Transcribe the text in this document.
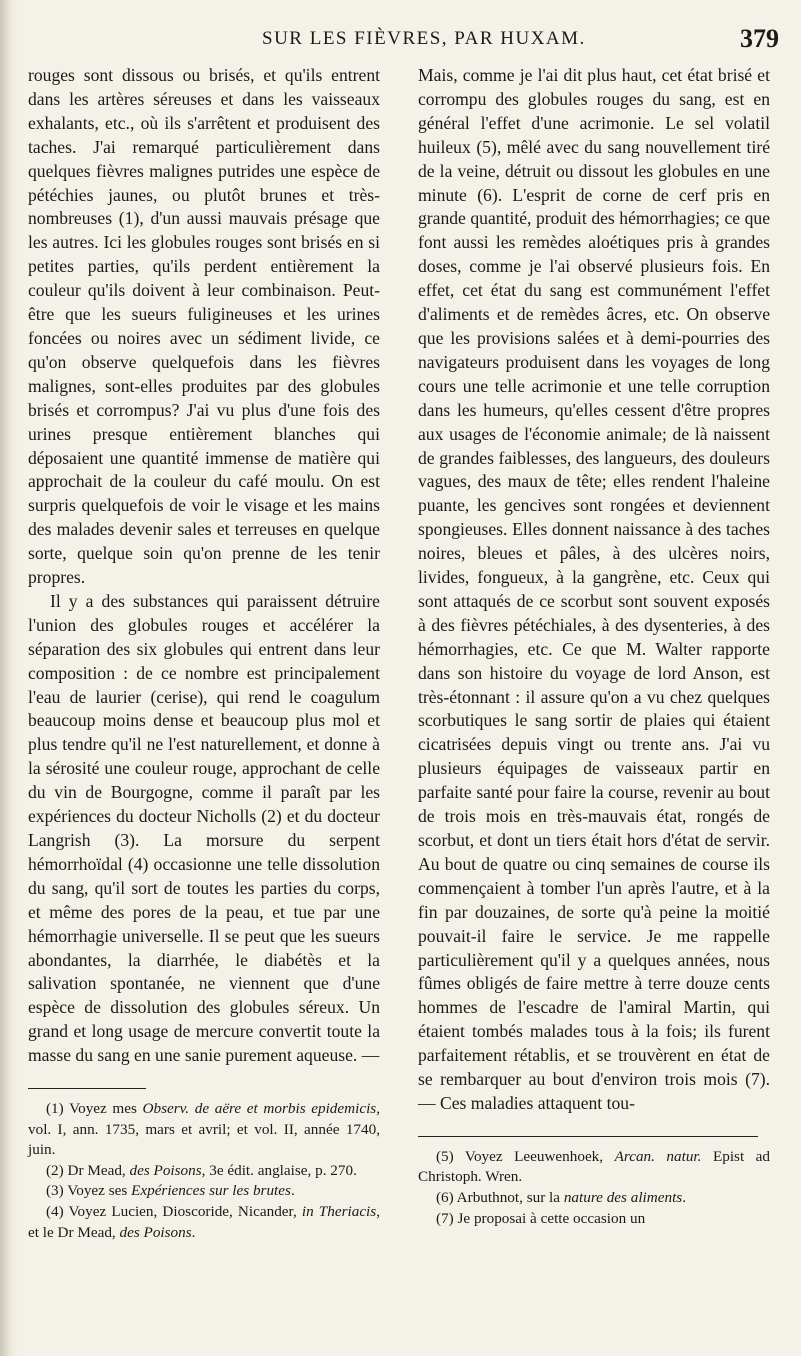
SUR LES FIÈVRES, PAR HUXAM.	379

rouges sont dissous ou brisés, et qu'ils entrent dans les artères séreuses et dans les vaisseaux exhalants, etc., où ils s'arrêtent et produisent des taches. J'ai remarqué particulièrement dans quelques fièvres malignes putrides une espèce de pétéchies jaunes, ou plutôt brunes et très-nombreuses (1), d'un aussi mauvais présage que les autres. Ici les globules rouges sont brisés en si petites parties, qu'ils perdent entièrement la couleur qu'ils doivent à leur combinaison. Peut-être que les sueurs fuligineuses et les urines foncées ou noires avec un sédiment livide, ce qu'on observe quelquefois dans les fièvres malignes, sont-elles produites par des globules brisés et corrompus? J'ai vu plus d'une fois des urines presque entièrement blanches qui déposaient une quantité immense de matière qui approchait de la couleur du café moulu. On est surpris quelquefois de voir le visage et les mains des malades devenir sales et terreuses en quelque sorte, quelque soin qu'on prenne de les tenir propres.

Il y a des substances qui paraissent détruire l'union des globules rouges et accélérer la séparation des six globules qui entrent dans leur composition : de ce nombre est principalement l'eau de laurier (cerise), qui rend le coagulum beaucoup moins dense et beaucoup plus mol et plus tendre qu'il ne l'est naturellement, et donne à la sérosité une couleur rouge, approchant de celle du vin de Bourgogne, comme il paraît par les expériences du docteur Nicholls (2) et du docteur Langrish (3). La morsure du serpent hémorrhoïdal (4) occasionne une telle dissolution du sang, qu'il sort de toutes les parties du corps, et même des pores de la peau, et tue par une hémorrhagie universelle. Il se peut que les sueurs abondantes, la diarrhée, le diabétès et la salivation spontanée, ne viennent que d'une espèce de dissolution des globules séreux. Un grand et long usage de mercure convertit toute la masse du sang en une sanie purement aqueuse. —

(1) Voyez mes Observ. de aëre et morbis epidemicis, vol. I, ann. 1735, mars et avril; et vol. II, année 1740, juin.

(2) Dr Mead, des Poisons, 3e édit. anglaise, p. 270.

(3) Voyez ses Expériences sur les brutes.

(4) Voyez Lucien, Dioscoride, Nicander, in Theriacis, et le Dr Mead, des Poisons.

Mais, comme je l'ai dit plus haut, cet état brisé et corrompu des globules rouges du sang, est en général l'effet d'une acrimonie. Le sel volatil huileux (5), mêlé avec du sang nouvellement tiré de la veine, détruit ou dissout les globules en une minute (6). L'esprit de corne de cerf pris en grande quantité, produit des hémorrhagies; ce que font aussi les remèdes aloétiques pris à grandes doses, comme je l'ai observé plusieurs fois. En effet, cet état du sang est communément l'effet d'aliments et de remèdes âcres, etc. On observe que les provisions salées et à demi-pourries des navigateurs produisent dans les voyages de long cours une telle acrimonie et une telle corruption dans les humeurs, qu'elles cessent d'être propres aux usages de l'économie animale; de là naissent de grandes faiblesses, des langueurs, des douleurs vagues, des maux de tête; elles rendent l'haleine puante, les gencives sont rongées et deviennent spongieuses. Elles donnent naissance à des taches noires, bleues et pâles, à des ulcères noirs, livides, fongueux, à la gangrène, etc. Ceux qui sont attaqués de ce scorbut sont souvent exposés à des fièvres pétéchiales, à des dysenteries, à des hémorrhagies, etc. Ce que M. Walter rapporte dans son histoire du voyage de lord Anson, est très-étonnant : il assure qu'on a vu chez quelques scorbutiques le sang sortir de plaies qui étaient cicatrisées depuis vingt ou trente ans. J'ai vu plusieurs équipages de vaisseaux partir en parfaite santé pour faire la course, revenir au bout de trois mois en très-mauvais état, rongés de scorbut, et dont un tiers était hors d'état de servir. Au bout de quatre ou cinq semaines de course ils commençaient à tomber l'un après l'autre, et à la fin par douzaines, de sorte qu'à peine la moitié pouvait-il faire le service. Je me rappelle particulièrement qu'il y a quelques années, nous fûmes obligés de faire mettre à terre douze cents hommes de l'escadre de l'amiral Martin, qui étaient tombés malades tous à la fois; ils furent parfaitement rétablis, et se trouvèrent en état de se rembarquer au bout d'environ trois mois (7). — Ces maladies attaquent tou-

(5) Voyez Leeuwenhoek, Arcan. natur. Epist ad Christoph. Wren.

(6) Arbuthnot, sur la nature des aliments.

(7) Je proposai à cette occasion un
